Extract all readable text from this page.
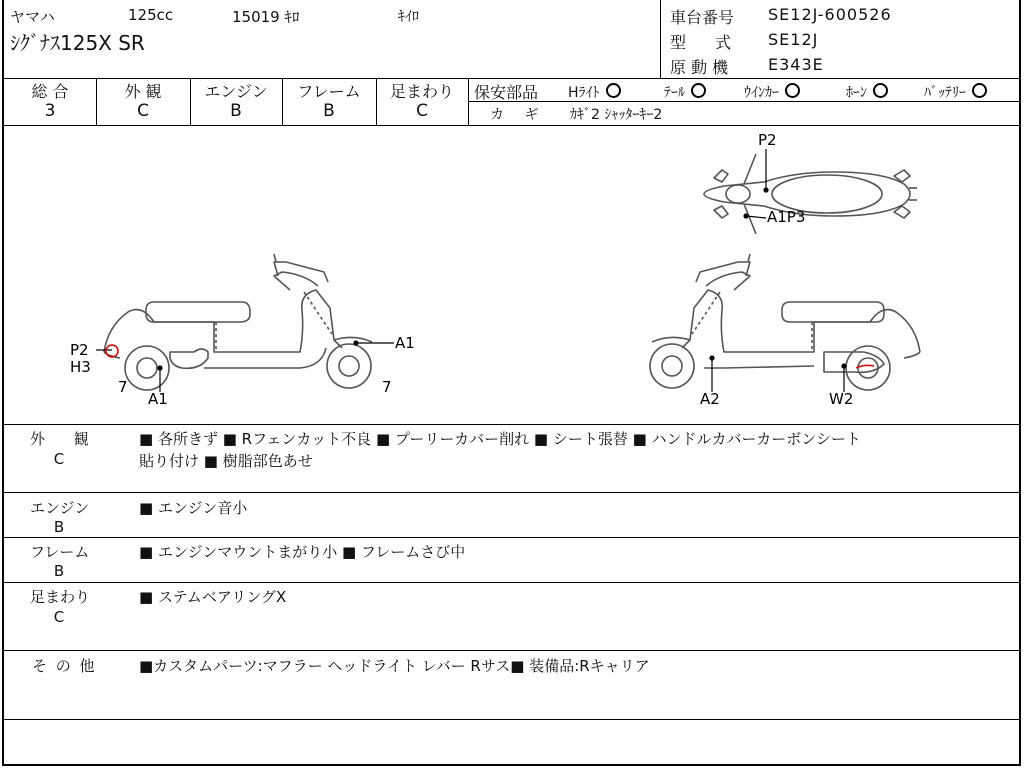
ヤマハ	125cc	15019 ｷﾛ	ｷｲﾛ
ｼｸﾞﾅｽ125X SR
車台番号 SE12J-600526
型 式 SE12J
原 動 機 E343E
総 合
3
外 観
C
エンジン
B
フレーム
B
足まわり
C
保安部品 Hﾗｲﾄ	ﾃｰﾙ	ｳｲﾝｶｰ	ﾎｰﾝ	ﾊﾞｯﾃﾘｰ
カ ギ ｶｷﾞ2 ｼｬｯﾀｰｷｰ2
P2
A1P3
P2
H3
7
A1
A1
7
A2	W2
外 観
C
■ 各所きず ■ Rフェンカット不良 ■ プーリーカバー削れ ■ シート張替 ■ ハンドルカバーカーボンシート
貼り付け ■ 樹脂部色あせ
エンジン
B
■ エンジン音小
フレーム
B
■ エンジンマウントまがり小 ■ フレームさび中
足まわり
C
■ ステムベアリングX
そ の 他	■カスタムパーツ:マフラー ヘッドライト レバー Rサス■ 装備品:Rキャリア
